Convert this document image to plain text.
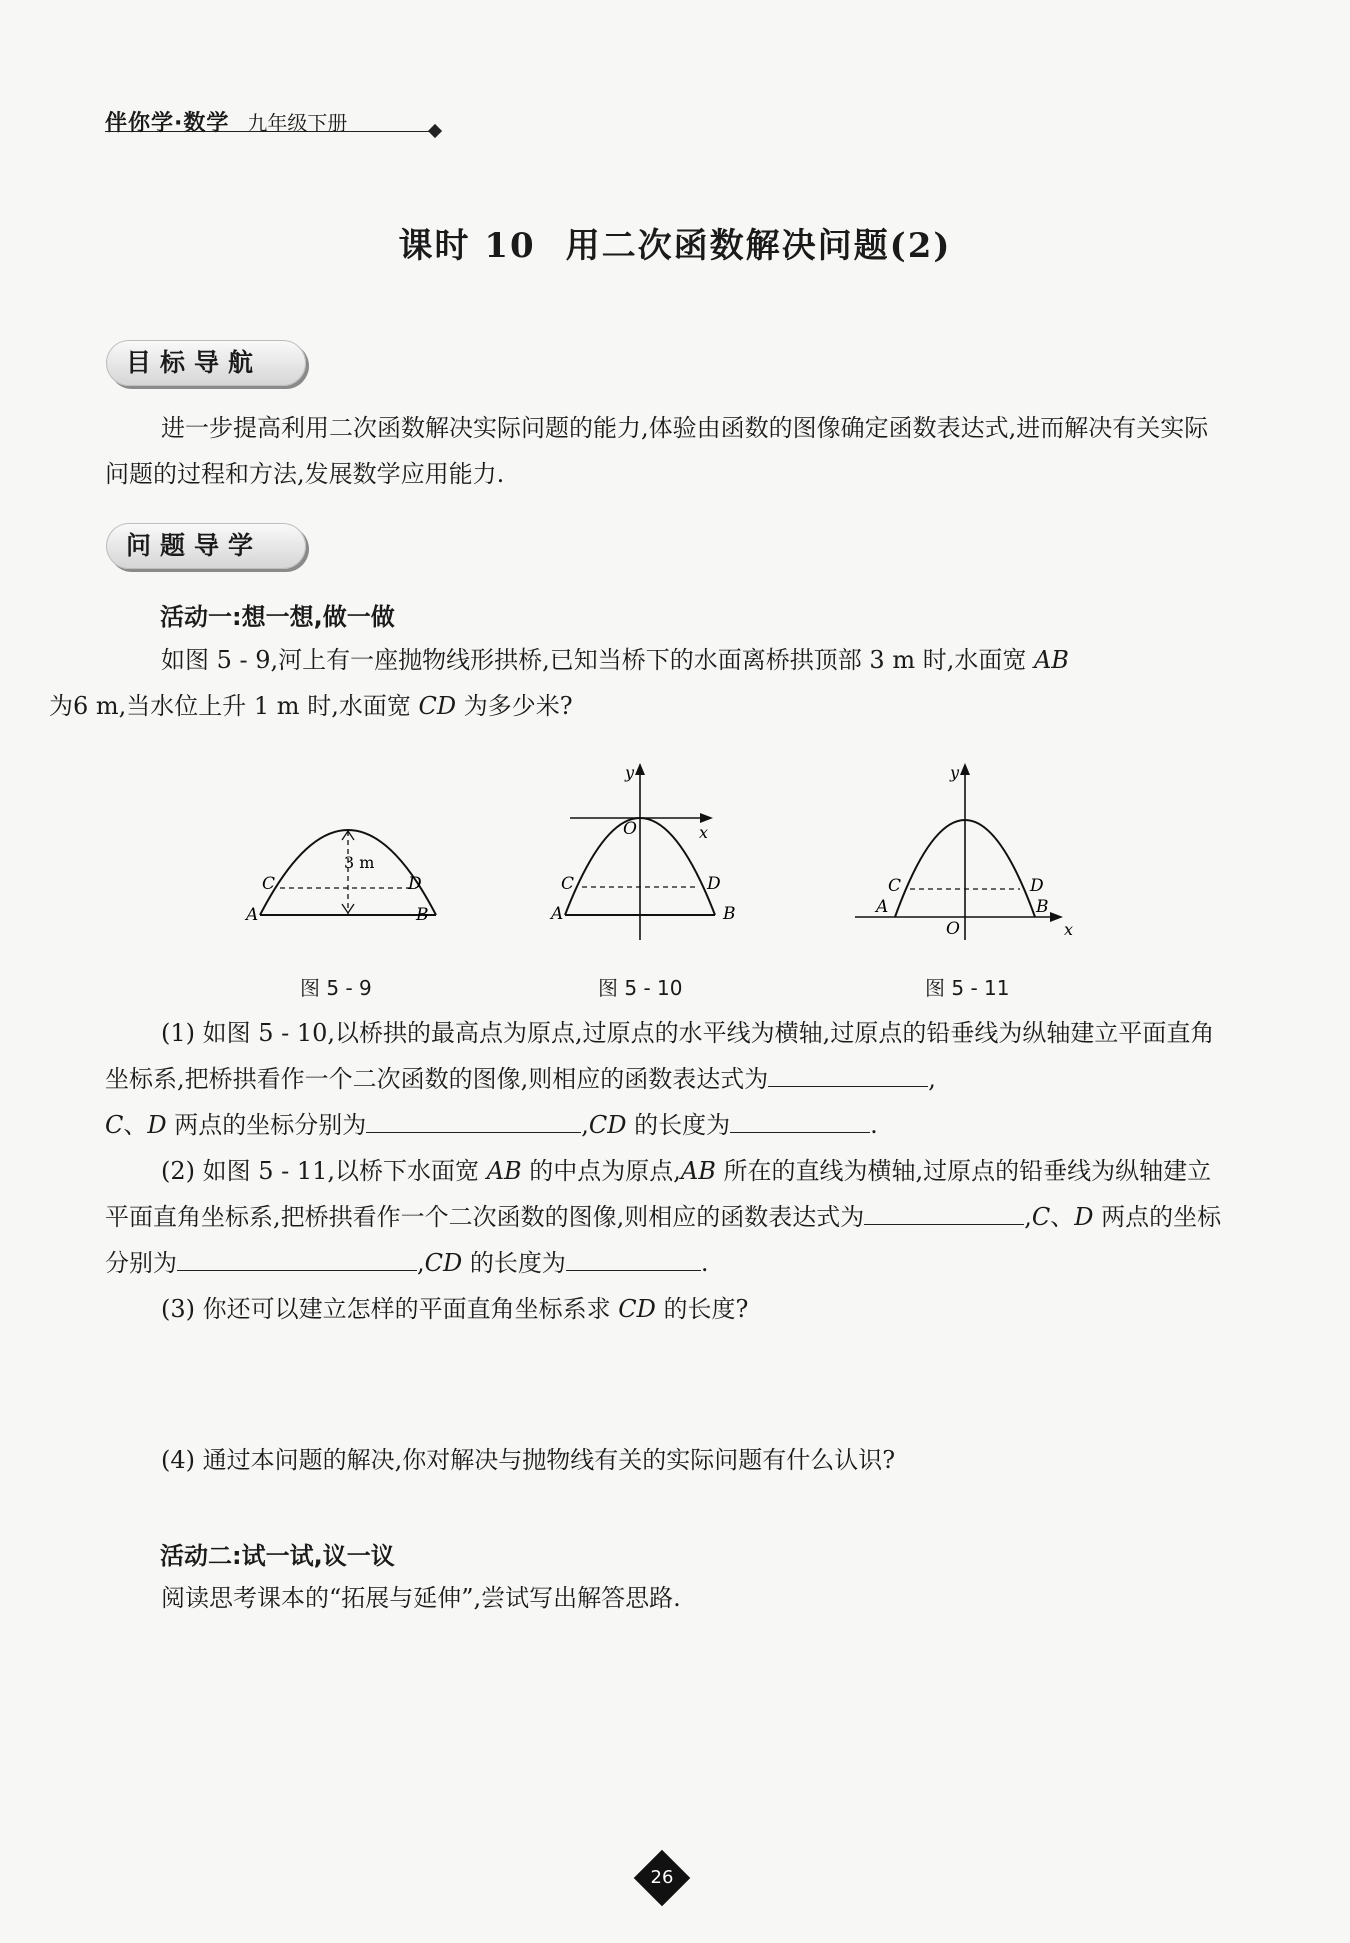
伴你学·数学 九年级下册
课时 10 用二次函数解决问题(2)
目标导航

进一步提高利用二次函数解决实际问题的能力,体验由函数的图像确定函数表达式,进而解决有关实际问题的过程和方法,发展数学应用能力.

问题导学
活动一:想一想,做一做

如图 5 - 9,河上有一座抛物线形拱桥,已知当桥下的水面离桥拱顶部 3 m 时,水面宽 AB
为6 m,当水位上升 1 m 时,水面宽 CD 为多少米?

3 m
A	B
C	D
图 5 - 9
y
x
O
A	B
C	D
图 5 - 10
y
x
O
A	B
C	D
图 5 - 11

(1) 如图 5 - 10,以桥拱的最高点为原点,过原点的水平线为横轴,过原点的铅垂线为纵轴建立平面直角坐标系,把桥拱看作一个二次函数的图像,则相应的函数表达式为	,

C、D 两点的坐标分别为	,CD 的长度为	.

(2) 如图 5 - 11,以桥下水面宽 AB 的中点为原点,AB 所在的直线为横轴,过原点的铅垂线为纵轴建立平面直角坐标系,把桥拱看作一个二次函数的图像,则相应的函数表达式为	,C、D 两点的坐标分别为	,CD 的长度为	.

(3) 你还可以建立怎样的平面直角坐标系求 CD 的长度?

(4) 通过本问题的解决,你对解决与抛物线有关的实际问题有什么认识?

活动二:试一试,议一议

阅读思考课本的“拓展与延伸”,尝试写出解答思路.

26
